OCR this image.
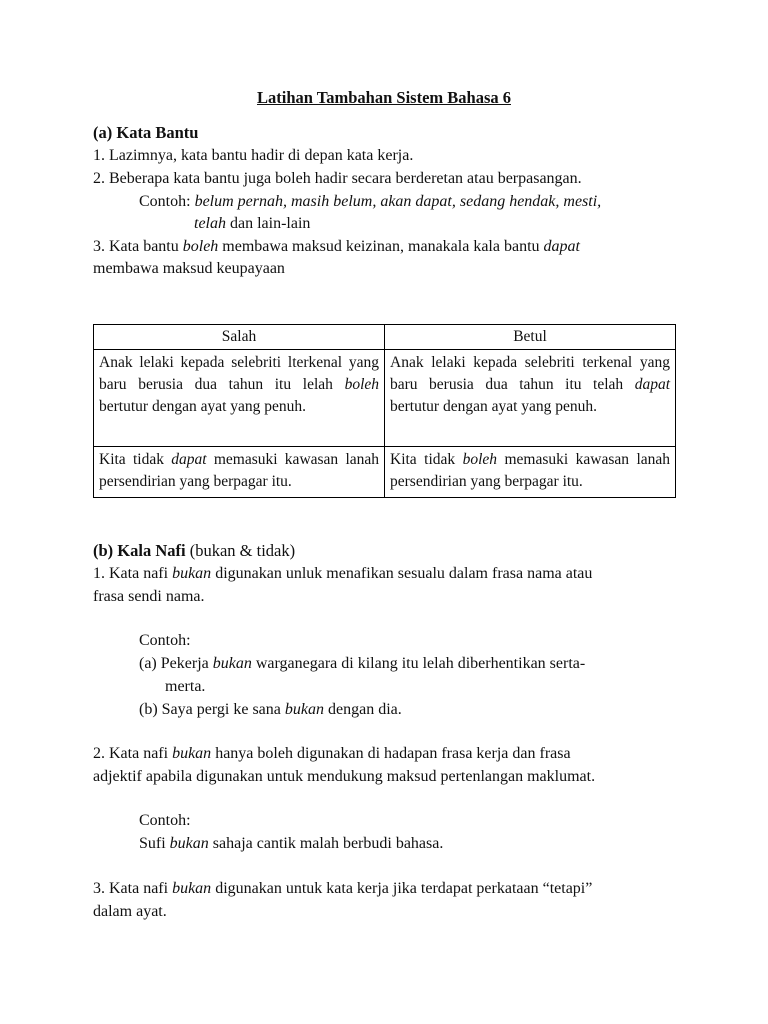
Latihan Tambahan Sistem Bahasa 6
(a) Kata Bantu
1. Lazimnya, kata bantu hadir di depan kata kerja.
2. Beberapa kata bantu juga boleh hadir secara berderetan atau berpasangan.
Contoh: belum pernah, masih belum, akan dapat, sedang hendak, mesti,
telah dan lain-lain
3. Kata bantu boleh membawa maksud keizinan, manakala kala bantu dapat
membawa maksud keupayaan
Salah	Betul

Anak lelaki kepada selebriti lterkenal yang baru berusia dua tahun itu lelah boleh bertutur dengan ayat yang penuh.	Anak lelaki kepada selebriti terkenal yang baru berusia dua tahun itu telah dapat bertutur dengan ayat yang penuh.

Kita tidak dapat memasuki kawasan lanah persendirian yang berpagar itu.	Kita tidak boleh memasuki kawasan lanah persendirian yang berpagar itu.
(b) Kala Nafi (bukan & tidak)
1. Kata nafi bukan digunakan unluk menafikan sesualu dalam frasa nama atau
frasa sendi nama.
Contoh:
(a) Pekerja bukan warganegara di kilang itu lelah diberhentikan serta-
merta.
(b) Saya pergi ke sana bukan dengan dia.
2. Kata nafi bukan hanya boleh digunakan di hadapan frasa kerja dan frasa
adjektif apabila digunakan untuk mendukung maksud pertenlangan maklumat.
Contoh:
Sufi bukan sahaja cantik malah berbudi bahasa.
3. Kata nafi bukan digunakan untuk kata kerja jika terdapat perkataan “tetapi”
dalam ayat.
